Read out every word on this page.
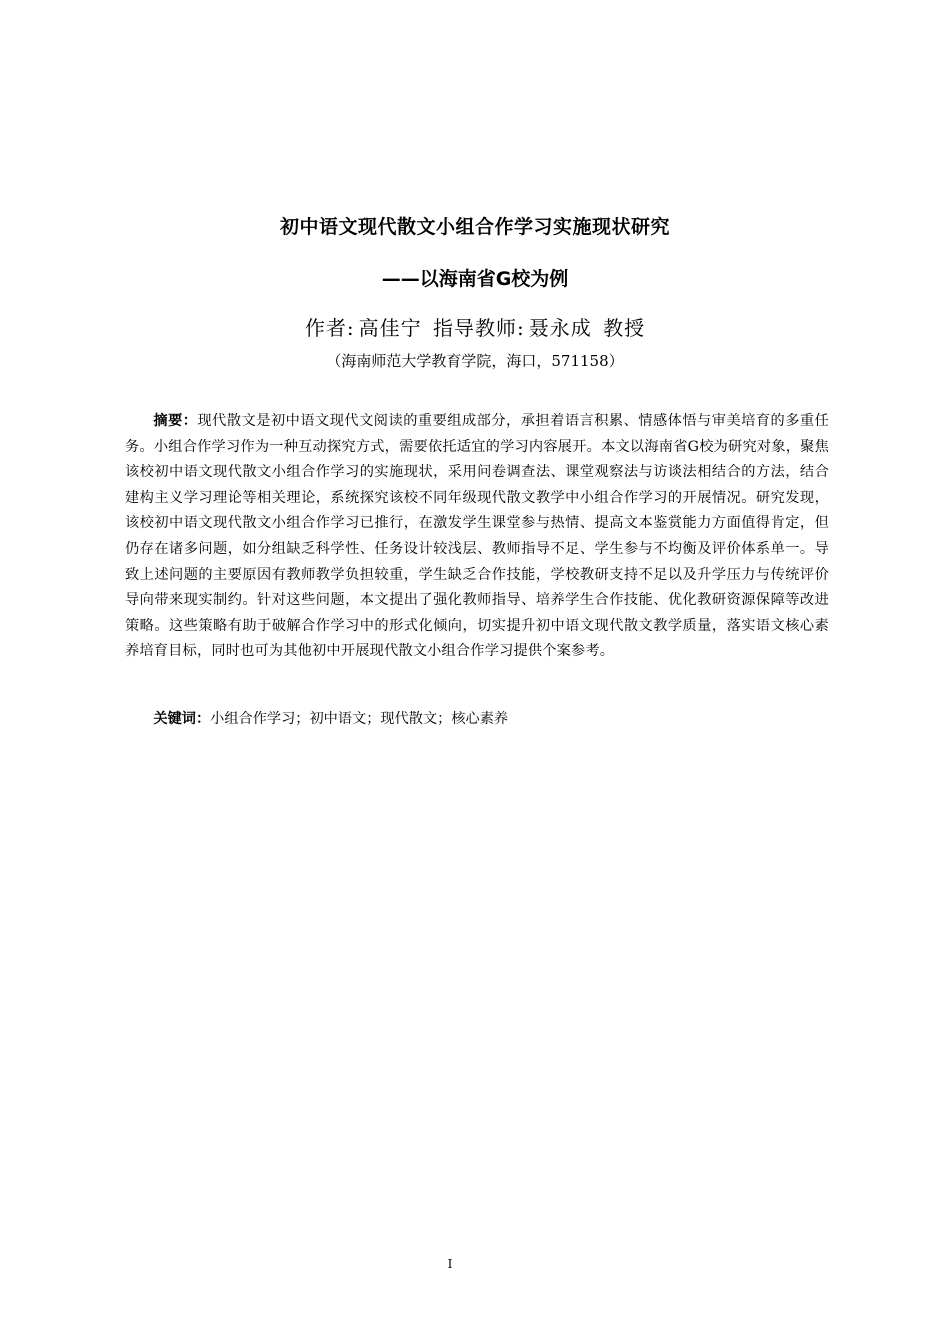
初中语文现代散文小组合作学习实施现状研究
——以海南省G校为例
作者: 高佳宁 指导教师: 聂永成 教授
（海南师范大学教育学院，海口，571158）
摘要：现代散文是初中语文现代文阅读的重要组成部分，承担着语言积累、情感体悟与审美培育的多重任务。小组合作学习作为一种互动探究方式，需要依托适宜的学习内容展开。本文以海南省G校为研究对象，聚焦该校初中语文现代散文小组合作学习的实施现状，采用问卷调查法、课堂观察法与访谈法相结合的方法，结合建构主义学习理论等相关理论，系统探究该校不同年级现代散文教学中小组合作学习的开展情况。研究发现，该校初中语文现代散文小组合作学习已推行，在激发学生课堂参与热情、提高文本鉴赏能力方面值得肯定，但仍存在诸多问题，如分组缺乏科学性、任务设计较浅层、教师指导不足、学生参与不均衡及评价体系单一。导致上述问题的主要原因有教师教学负担较重，学生缺乏合作技能，学校教研支持不足以及升学压力与传统评价导向带来现实制约。针对这些问题，本文提出了强化教师指导、培养学生合作技能、优化教研资源保障等改进策略。这些策略有助于破解合作学习中的形式化倾向，切实提升初中语文现代散文教学质量，落实语文核心素养培育目标，同时也可为其他初中开展现代散文小组合作学习提供个案参考。
关键词：小组合作学习；初中语文；现代散文；核心素养
I
